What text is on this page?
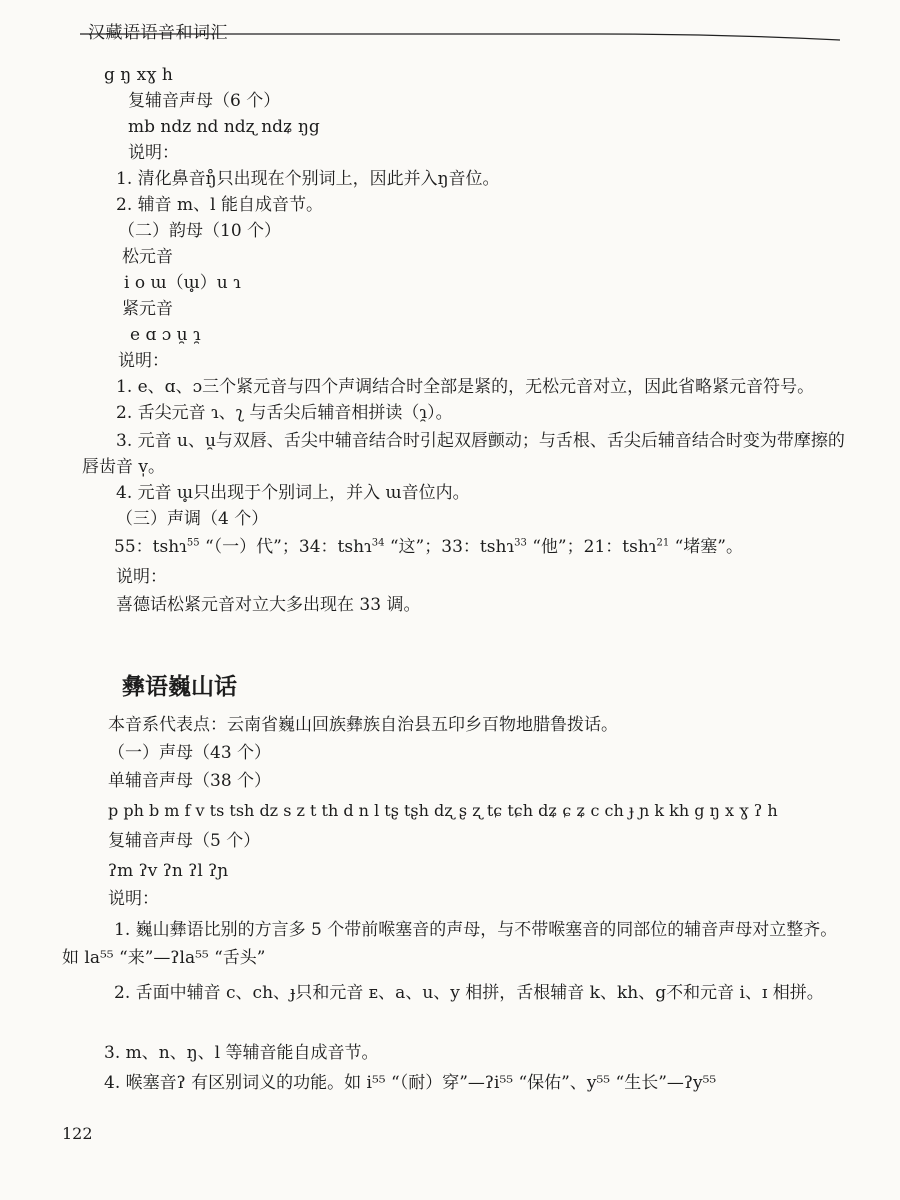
汉藏语语音和词汇
g ŋ xɣ h
复辅音声母（6 个）
mb ndz nd ndʐ ndʑ ŋg
说明：
1. 清化鼻音ŋ̊只出现在个别词上，因此并入ŋ音位。
2. 辅音 m、l 能自成音节。
（二）韵母（10 个）
松元音
i o ɯ（ɯ̥）u ɿ
紧元音
e ɑ ɔ u̯ ɿ̯
说明：
1. e、ɑ、ɔ三个紧元音与四个声调结合时全部是紧的，无松元音对立，因此省略紧元音符号。
2. 舌尖元音 ɿ、ʅ 与舌尖后辅音相拼读（ɿ̯）。
3. 元音 u、u̯与双唇、舌尖中辅音结合时引起双唇颤动；与舌根、舌尖后辅音结合时变为带摩擦的唇齿音 v̩。
4. 元音 ɯ̥只出现于个别词上，并入 ɯ音位内。
（三）声调（4 个）
55：tshɿ$^{55}$ “（一）代”；34：tshɿ$^{34}$ “这”；33：tshɿ$^{33}$ “他”；21：tshɿ$^{21}$ “堵塞”。
说明：
喜德话松紧元音对立大多出现在 33 调。
彝语巍山话
本音系代表点：云南省巍山回族彝族自治县五印乡百物地腊鲁拨话。
（一）声母（43 个）
单辅音声母（38 个）
p ph b m f v ts tsh dz s z t th d n l tʂ tʂh dʐ ʂ ʐ tɕ tɕh dʑ ɕ ʑ c ch ɟ ɲ k kh g ŋ x ɣ ʔ h
复辅音声母（5 个）
ʔm ʔv ʔn ʔl ʔɲ
说明：
1. 巍山彝语比别的方言多 5 个带前喉塞音的声母，与不带喉塞音的同部位的辅音声母对立整齐。如 la⁵⁵ “来”—ʔla⁵⁵ “舌头”
2. 舌面中辅音 c、ch、ɟ只和元音 ᴇ、a、u、y 相拼，舌根辅音 k、kh、g不和元音 i、ɪ 相拼。
3. m、n、ŋ、l 等辅音能自成音节。
4. 喉塞音ʔ 有区别词义的功能。如 i⁵⁵ “（耐）穿”—ʔi⁵⁵ “保佑”、y⁵⁵ “生长”—ʔy⁵⁵
122
